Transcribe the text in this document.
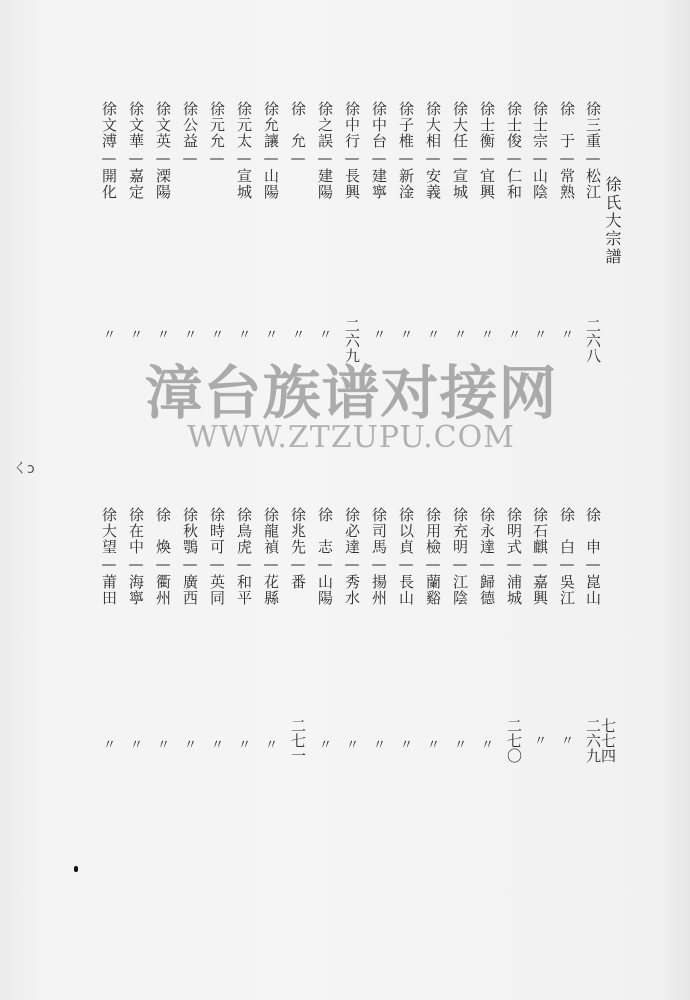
徐氏大宗譜
徐三重—松江
徐　于—常熟
徐士宗—山陰
徐士俊—仁和
徐士衡—宜興
徐大任—宣城
徐大相—安義
徐子椎—新淦
徐中台—建寧
徐中行—長興
徐之誤—建陽
徐　允—
徐允讓—山陽
徐元太—宣城
徐元允—
徐公益—
徐文英—溧陽
徐文華—嘉定
徐文溥—開化
二六八
二六九	〃
〃
〃
〃
〃
〃
〃
〃
〃
〃
〃
〃
〃
〃
〃
〃
〃
徐　申—崑山
徐　白—吳江
徐石麒—嘉興
徐明式—浦城
徐永達—歸德
徐充明—江陰
徐用檢—蘭谿
徐以貞—長山
徐司馬—揚州
徐必達—秀水
徐　志—山陽
徐兆先—番
徐龍禎—花縣
徐鳥虎—和平
徐時可—英同
徐秋鶚—廣西
徐　煥—衢州
徐在中—海寧
徐大望—莆田
七七四
二六九
二七〇
二七一	〃
〃
〃
〃
〃
〃
〃
〃
〃
〃
〃
〃
〃
〃
〃
〃
漳台族谱对接网
WWW.ZTZUPU.COM
くɔ
